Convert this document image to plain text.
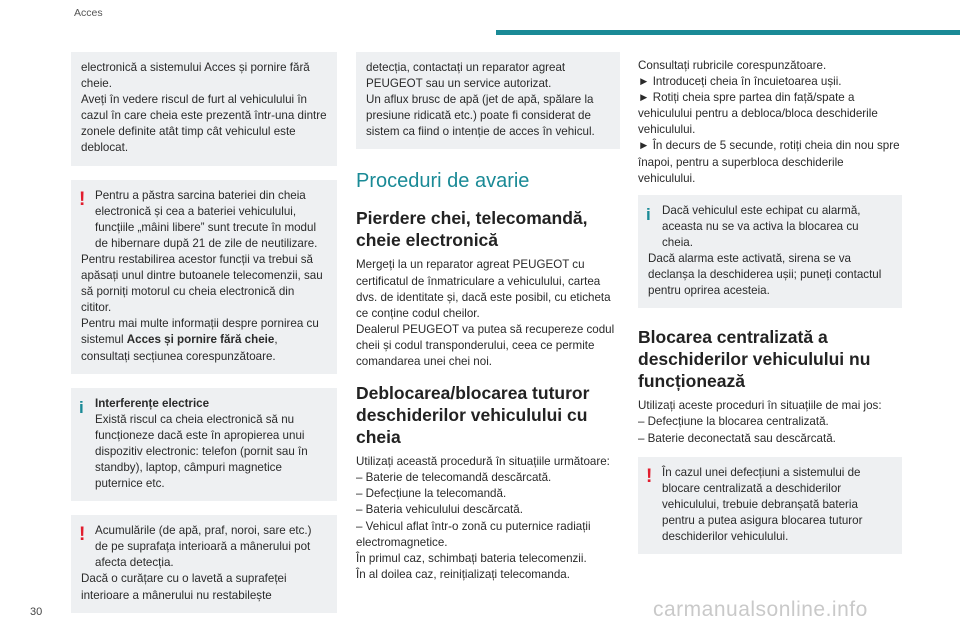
Acces

electronică a sistemului Acces și pornire fără cheie.

Aveți în vedere riscul de furt al vehiculului în cazul în care cheia este prezentă într-una dintre zonele definite atât timp cât vehiculul este deblocat.

! Pentru a păstra sarcina bateriei din cheia electronică și cea a bateriei vehiculului, funcțiile „mâini libere” sunt trecute în modul de hibernare după 21 de zile de neutilizare.

Pentru restabilirea acestor funcții va trebui să apăsați unul dintre butoanele telecomenzii, sau să porniți motorul cu cheia electronică din cititor.

Pentru mai multe informații despre pornirea cu sistemul Acces și pornire fără cheie, consultați secțiunea corespunzătoare.

i Interferențe electrice

Există riscul ca cheia electronică să nu funcționeze dacă este în apropierea unui dispozitiv electronic: telefon (pornit sau în standby), laptop, câmpuri magnetice puternice etc.

! Acumulările (de apă, praf, noroi, sare etc.) de pe suprafața interioară a mânerului pot afecta detecția.

Dacă o curățare cu o lavetă a suprafeței interioare a mânerului nu restabilește

detecția, contactați un reparator agreat PEUGEOT sau un service autorizat.

Un aflux brusc de apă (jet de apă, spălare la presiune ridicată etc.) poate fi considerat de sistem ca fiind o intenție de acces în vehicul.

Proceduri de avarie
Pierdere chei, telecomandă, cheie electronică

Mergeți la un reparator agreat PEUGEOT cu certificatul de înmatriculare a vehiculului, cartea dvs. de identitate și, dacă este posibil, cu eticheta ce conține codul cheilor.

Dealerul PEUGEOT va putea să recupereze codul cheii și codul transponderului, ceea ce permite comandarea unei chei noi.

Deblocarea/blocarea tuturor deschiderilor vehiculului cu cheia

Utilizați această procedură în situațiile următoare:

– Baterie de telecomandă descărcată.

– Defecțiune la telecomandă.

– Bateria vehiculului descărcată.

– Vehicul aflat într-o zonă cu puternice radiații electromagnetice.

În primul caz, schimbați bateria telecomenzii.

În al doilea caz, reinițializați telecomanda.

Consultați rubricile corespunzătoare.

► Introduceți cheia în încuietoarea ușii.

► Rotiți cheia spre partea din față/spate a vehiculului pentru a debloca/bloca deschiderile vehiculului.

► În decurs de 5 secunde, rotiți cheia din nou spre înapoi, pentru a superbloca deschiderile vehiculului.

i Dacă vehiculul este echipat cu alarmă, aceasta nu se va activa la blocarea cu cheia.

Dacă alarma este activată, sirena se va declanșa la deschiderea ușii; puneți contactul pentru oprirea acesteia.

Blocarea centralizată a deschiderilor vehiculului nu funcționează

Utilizați aceste proceduri în situațiile de mai jos:

– Defecțiune la blocarea centralizată.

– Baterie deconectată sau descărcată.

! În cazul unei defecțiuni a sistemului de blocare centralizată a deschiderilor vehiculului, trebuie debranșată bateria pentru a putea asigura blocarea tuturor deschiderilor vehiculului.

30	carmanualsonline.info
